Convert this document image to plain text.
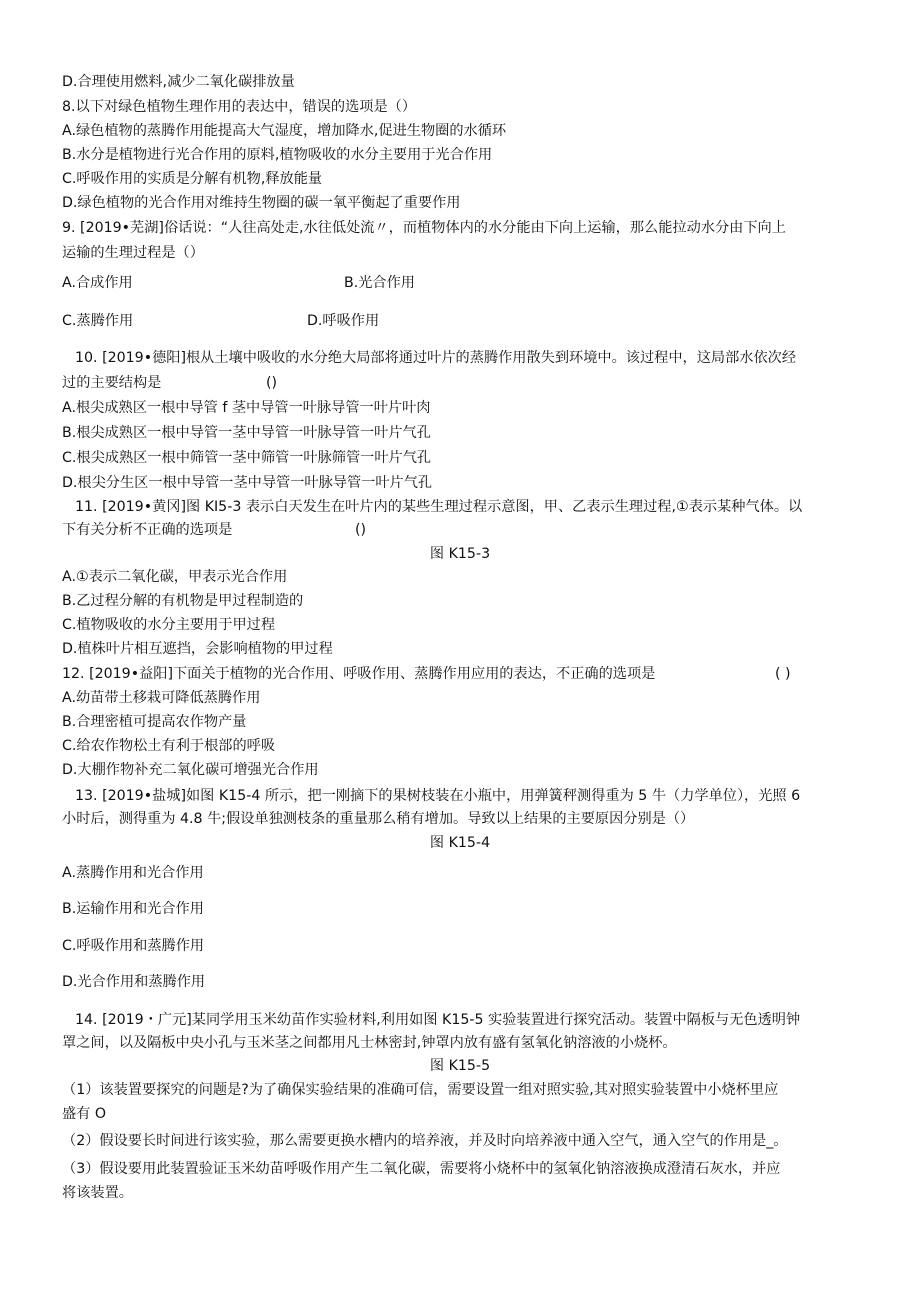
D.合理使用燃料,减少二氧化碳排放量
8.以下对绿色植物生理作用的表达中，错误的选项是（）
A.绿色植物的蒸腾作用能提高大气湿度，增加降水,促进生物圈的水循环
B.水分是植物进行光合作用的原料,植物吸收的水分主要用于光合作用
C.呼吸作用的实质是分解有机物,释放能量
D.绿色植物的光合作用对维持生物圈的碳一氧平衡起了重要作用
9. [2019•芜湖]俗话说：“人往高处走,水往低处流〃，而植物体内的水分能由下向上运输，那么能拉动水分由下向上
运输的生理过程是（）
A.合成作用	B.光合作用
C.蒸腾作用	D.呼吸作用
10. [2019•德阳]根从土壤中吸收的水分绝大局部将通过叶片的蒸腾作用散失到环境中。该过程中，这局部水依次经
过的主要结构是	()
A.根尖成熟区一根中导管 f 茎中导管一叶脉导管一叶片叶肉
B.根尖成熟区一根中导管一茎中导管一叶脉导管一叶片气孔
C.根尖成熟区一根中筛管一茎中筛管一叶脉筛管一叶片气孔
D.根尖分生区一根中导管一茎中导管一叶脉导管一叶片气孔
11. [2019•黄冈]图 KI5-3 表示白天发生在叶片内的某些生理过程示意图，甲、乙表示生理过程,①表示某种气体。以
下有关分析不正确的选项是	()
图 K15-3
A.①表示二氧化碳，甲表示光合作用
B.乙过程分解的有机物是甲过程制造的
C.植物吸收的水分主要用于甲过程
D.植株叶片相互遮挡，会影响植物的甲过程
12. [2019•益阳]下面关于植物的光合作用、呼吸作用、蒸腾作用应用的表达，不正确的选项是	( )
A.幼苗带土移栽可降低蒸腾作用
B.合理密植可提高农作物产量
C.给农作物松土有利于根部的呼吸
D.大棚作物补充二氧化碳可增强光合作用
13. [2019•盐城]如图 K15-4 所示，把一刚摘下的果树枝装在小瓶中，用弹簧秤测得重为 5 牛（力学单位），光照 6
小时后，测得重为 4.8 牛;假设单独测枝条的重量那么稍有增加。导致以上结果的主要原因分别是（）
图 K15-4
A.蒸腾作用和光合作用
B.运输作用和光合作用
C.呼吸作用和蒸腾作用
D.光合作用和蒸腾作用
14. [2019・广元]某同学用玉米幼苗作实验材料,利用如图 K15-5 实验装置进行探究活动。装置中隔板与无色透明钟
罩之间，以及隔板中央小孔与玉米茎之间都用凡士林密封,钟罩内放有盛有氢氧化钠溶液的小烧杯。
图 K15-5
（1）该装置要探究的问题是?为了确保实验结果的准确可信，需要设置一组对照实验,其对照实验装置中小烧杯里应
盛有 O
（2）假设要长时间进行该实验，那么需要更换水槽内的培养液，并及时向培养液中通入空气，通入空气的作用是_。
（3）假设要用此装置验证玉米幼苗呼吸作用产生二氧化碳，需要将小烧杯中的氢氧化钠溶液换成澄清石灰水，并应
将该装置。
